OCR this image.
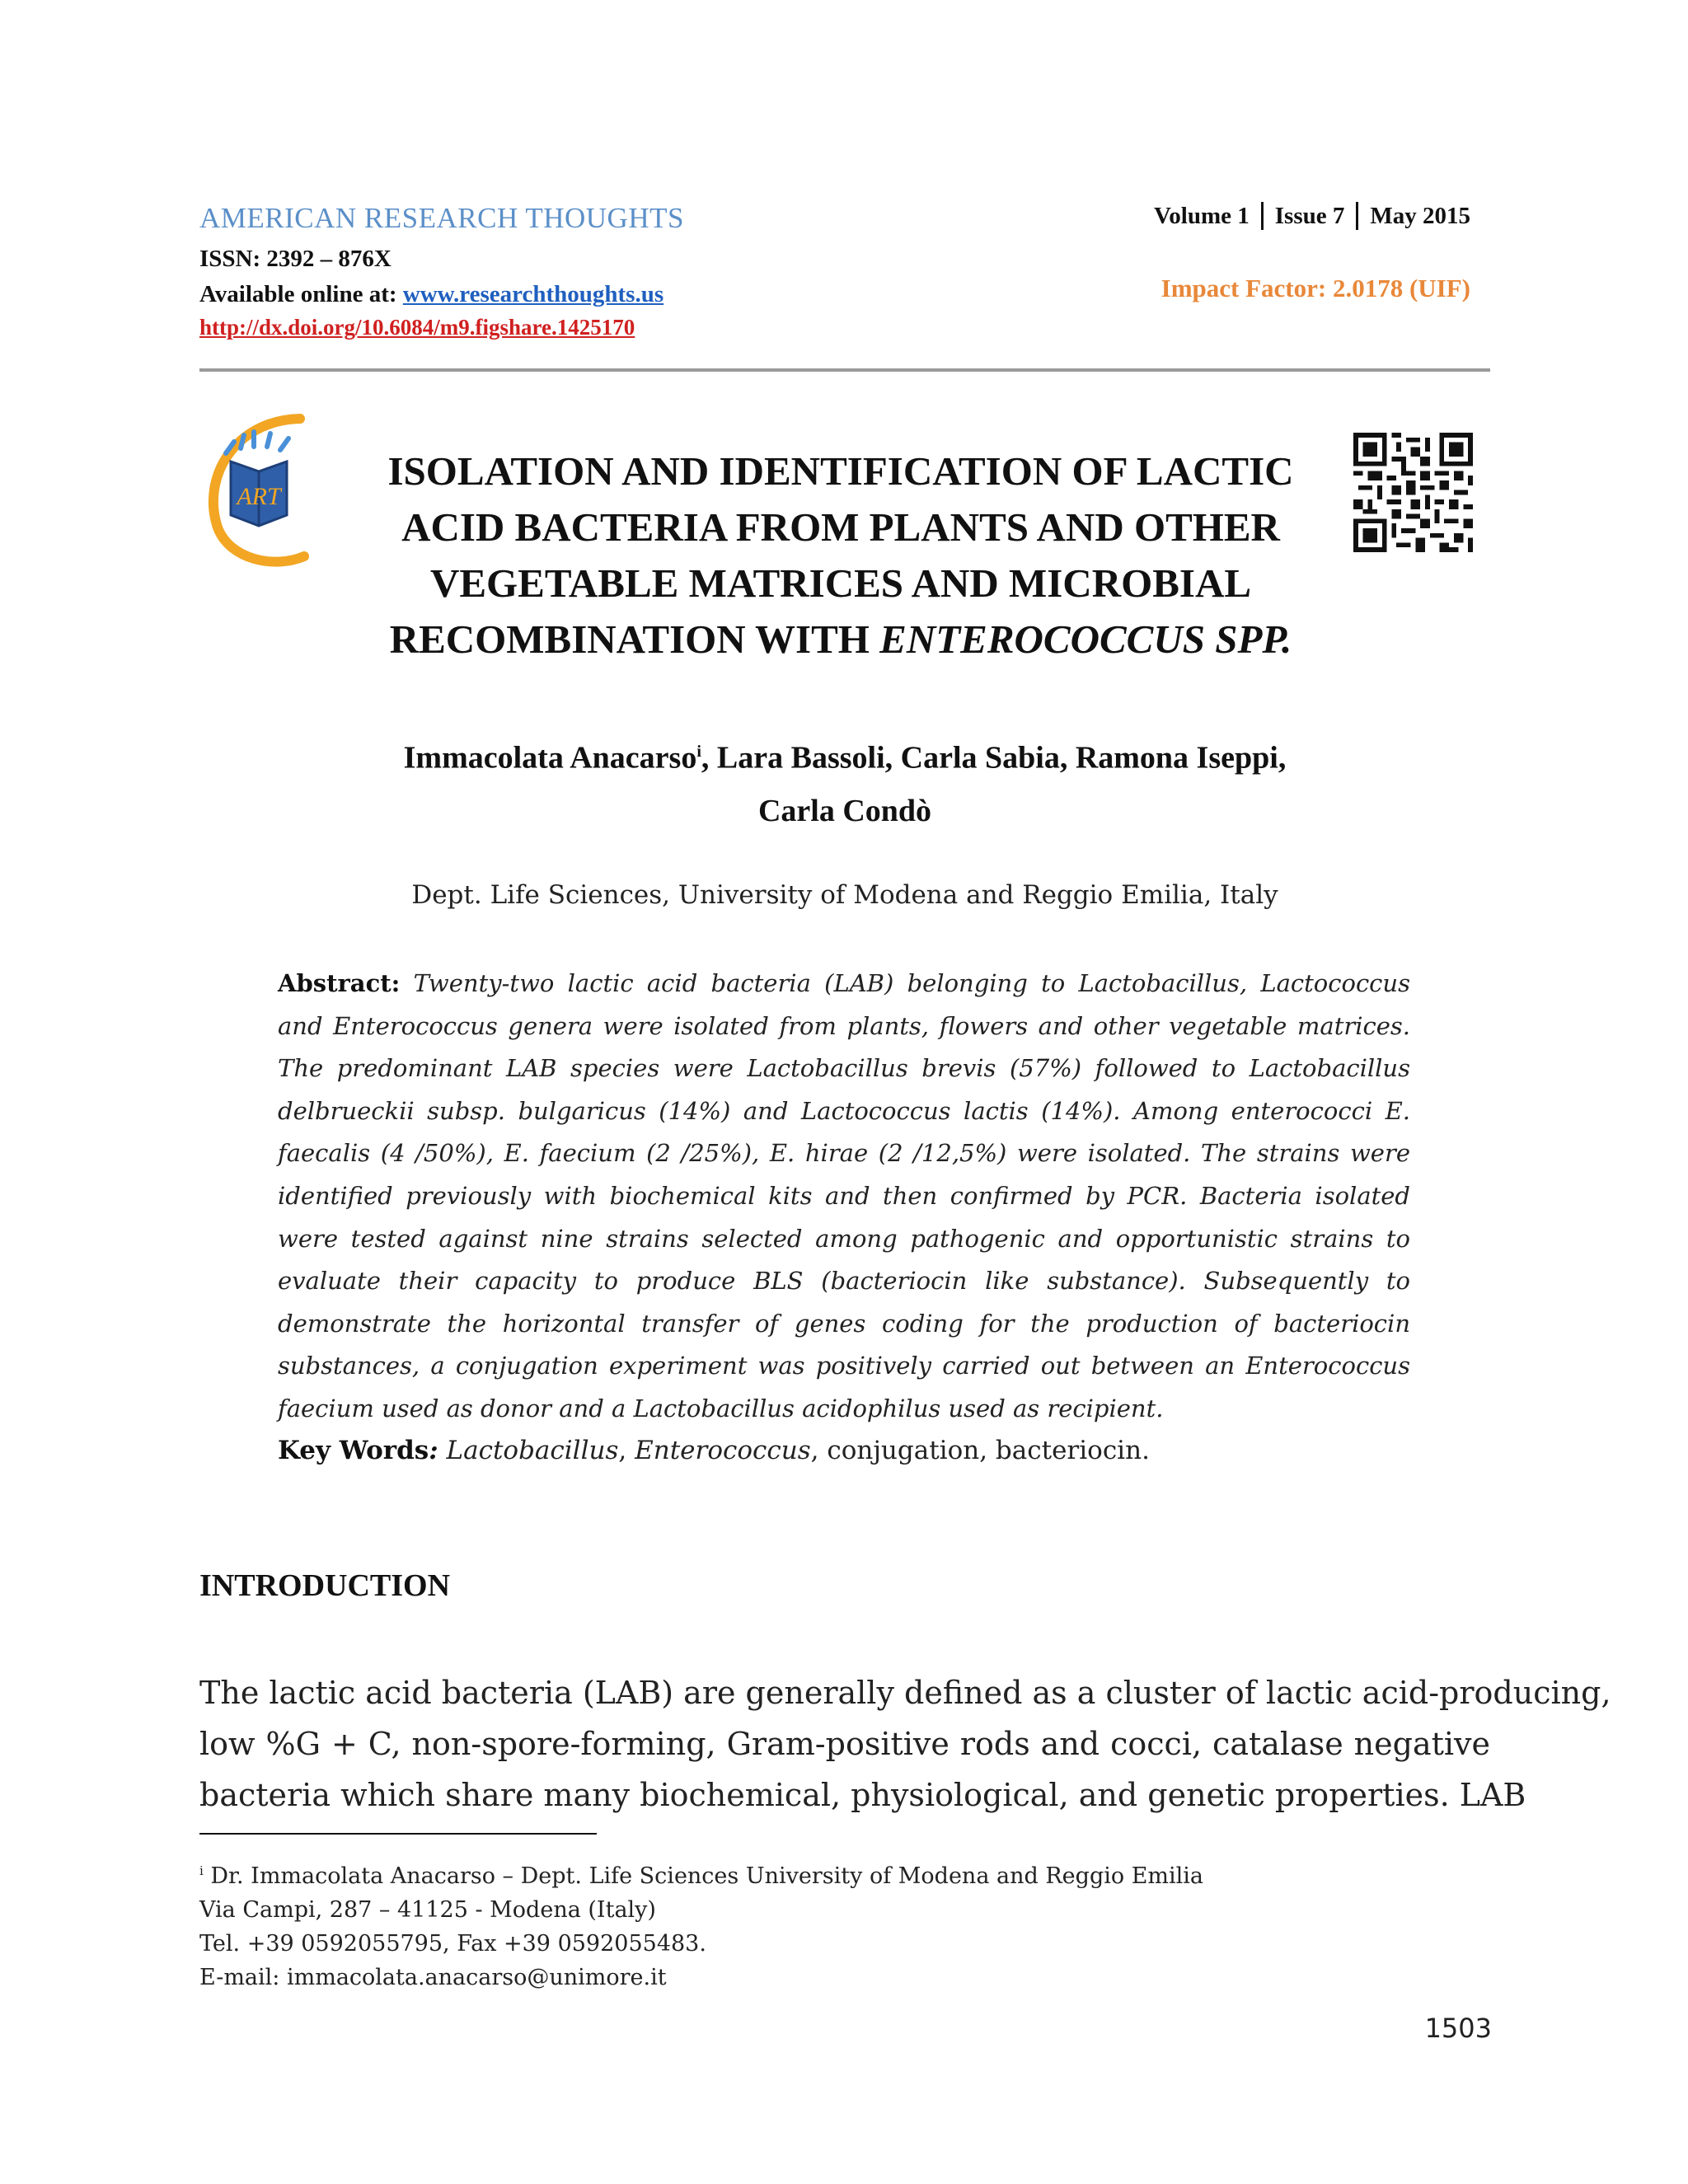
AMERICAN RESEARCH THOUGHTS
ISSN: 2392 – 876X
Available online at: www.researchthoughts.us
http://dx.doi.org/10.6084/m9.figshare.1425170
Volume 1 Issue 7 May 2015
Impact Factor: 2.0178 (UIF)
ART
ISOLATION AND IDENTIFICATION OF LACTIC
ACID BACTERIA FROM PLANTS AND OTHER
VEGETABLE MATRICES AND MICROBIAL
RECOMBINATION WITH ENTEROCOCCUS SPP.
Immacolata Anacarso$^i$, Lara Bassoli, Carla Sabia, Ramona Iseppi,
Carla Condò
Dept. Life Sciences, University of Modena and Reggio Emilia, Italy
Abstract: Twenty-two lactic acid bacteria (LAB) belonging to Lactobacillus, Lactococcus and Enterococcus genera were isolated from plants, flowers and other vegetable matrices. The predominant LAB species were Lactobacillus brevis (57%) followed to Lactobacillus delbrueckii subsp. bulgaricus (14%) and Lactococcus lactis (14%). Among enterococci E. faecalis (4 /50%), E. faecium (2 /25%), E. hirae (2 /12,5%) were isolated. The strains were identified previously with biochemical kits and then confirmed by PCR. Bacteria isolated were tested against nine strains selected among pathogenic and opportunistic strains to evaluate their capacity to produce BLS (bacteriocin like substance). Subsequently to demonstrate the horizontal transfer of genes coding for the production of bacteriocin substances, a conjugation experiment was positively carried out between an Enterococcus faecium used as donor and a Lactobacillus acidophilus used as recipient.
Key Words: Lactobacillus, Enterococcus, conjugation, bacteriocin.
INTRODUCTION
The lactic acid bacteria (LAB) are generally defined as a cluster of lactic acid-producing,
low %G + C, non-spore-forming, Gram-positive rods and cocci, catalase negative
bacteria which share many biochemical, physiological, and genetic properties. LAB
$^i$ Dr. Immacolata Anacarso – Dept. Life Sciences University of Modena and Reggio Emilia
Via Campi, 287 – 41125 - Modena (Italy)
Tel. +39 0592055795, Fax +39 0592055483.
E-mail: immacolata.anacarso@unimore.it
1503
